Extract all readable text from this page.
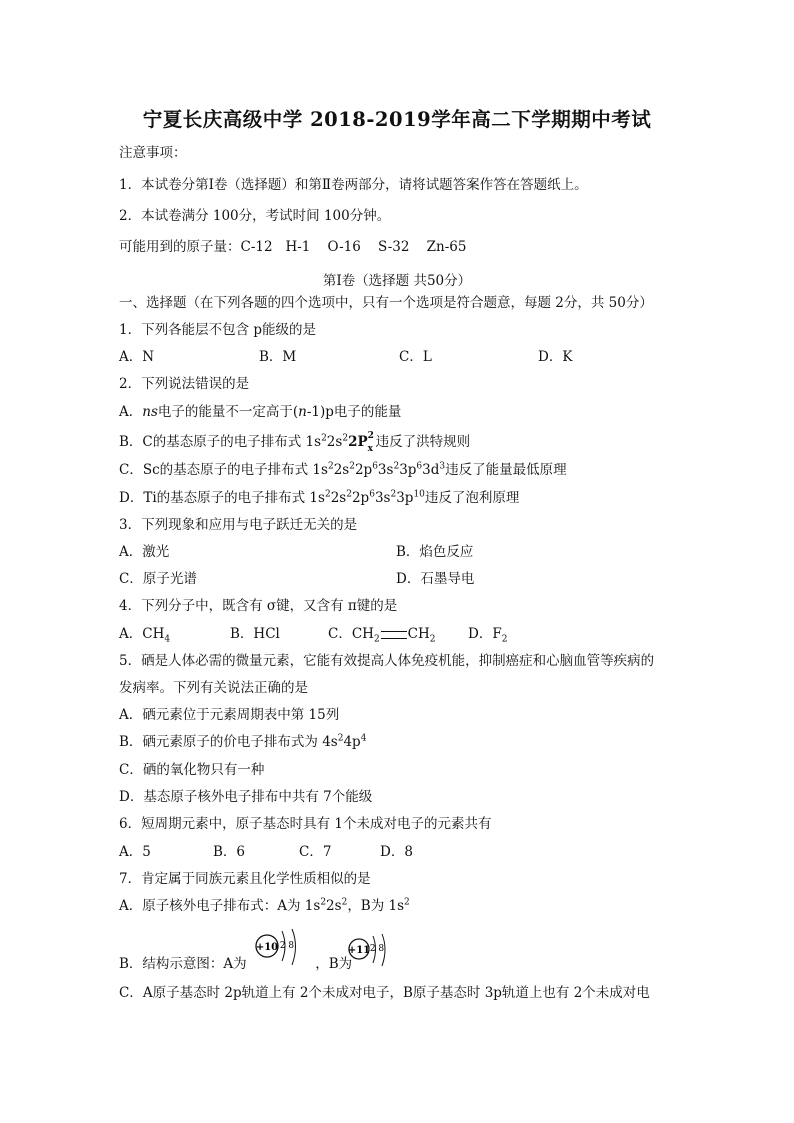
宁夏长庆高级中学 2018-2019学年高二下学期期中考试
注意事项：
1．本试卷分第Ⅰ卷（选择题）和第Ⅱ卷两部分，请将试题答案作答在答题纸上。
2．本试卷满分 100分，考试时间 100分钟。
可能用到的原子量：C-12   H-1    O-16    S-32    Zn-65
第Ⅰ卷（选择题 共50分）
一、选择题（在下列各题的四个选项中，只有一个选项是符合题意，每题 2分，共 50分）
1．下列各能层不包含 p能级的是
A．N	B．M	C．L	D．K
2．下列说法错误的是
A．ns电子的能量不一定高于(n-1)p电子的能量
B．C的基态原子的电子排布式 $1s^22s^22P$ 2
x 违反了洪特规则
C．Sc的基态原子的电子排布式 $1s^22s^22p^63s^23p^63d^3$违反了能量最低原理
D．Ti的基态原子的电子排布式 $1s^22s^22p^63s^23p^{10}$违反了泡利原理
3．下列现象和应用与电子跃迁无关的是
A．激光	B．焰色反应
C．原子光谱	D．石墨导电
4．下列分子中，既含有 σ键，又含有 π键的是
A．$CH_4$	B．HCl	C．$CH_2$ $CH_2$ D．$F_2$
5．硒是人体必需的微量元素，它能有效提高人体免疫机能，抑制癌症和心脑血管等疾病的
发病率。下列有关说法正确的是
A．硒元素位于元素周期表中第 15列
B．硒元素原子的价电子排布式为 $4s^24p^4$
C．硒的氧化物只有一种
D．基态原子核外电子排布中共有 7个能级
6．短周期元素中，原子基态时具有 1个未成对电子的元素共有
A．5	B．6	C．7	D．8
7．肯定属于同族元素且化学性质相似的是
A．原子核外电子排布式：A为 $1s^22s^2$，B为 $1s^2$
B．结构示意图：A为	，B为
+10 2 8	+11 2 8
C．A原子基态时 2p轨道上有 2个未成对电子，B原子基态时 3p轨道上也有 2个未成对电
